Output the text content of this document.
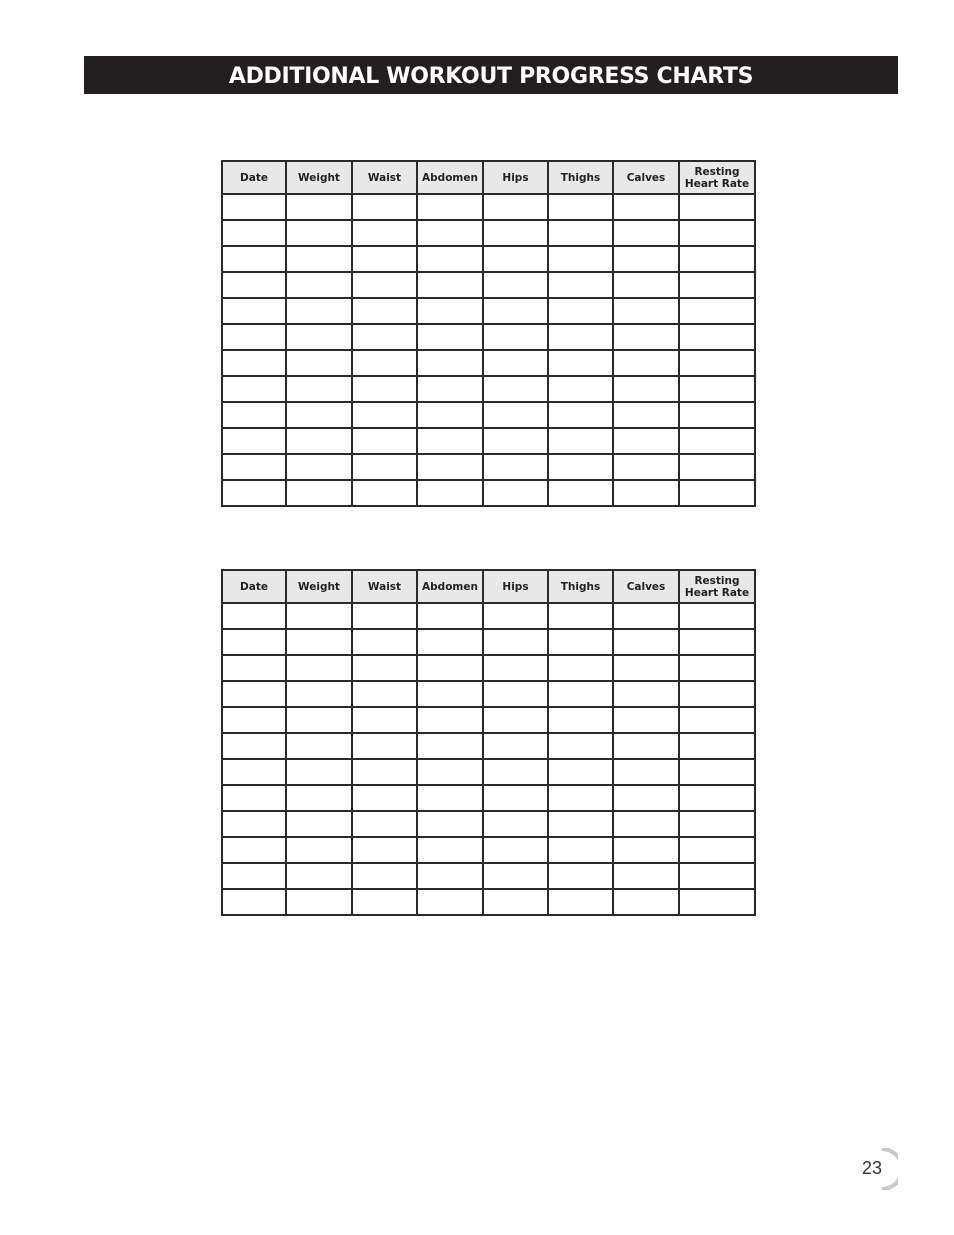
ADDITIONAL WORKOUT PROGRESS CHARTS
Date	Weight	Waist	Abdomen	Hips	Thighs	Calves	Resting
Heart Rate

Date	Weight	Waist	Abdomen	Hips	Thighs	Calves	Resting
Heart Rate

23
